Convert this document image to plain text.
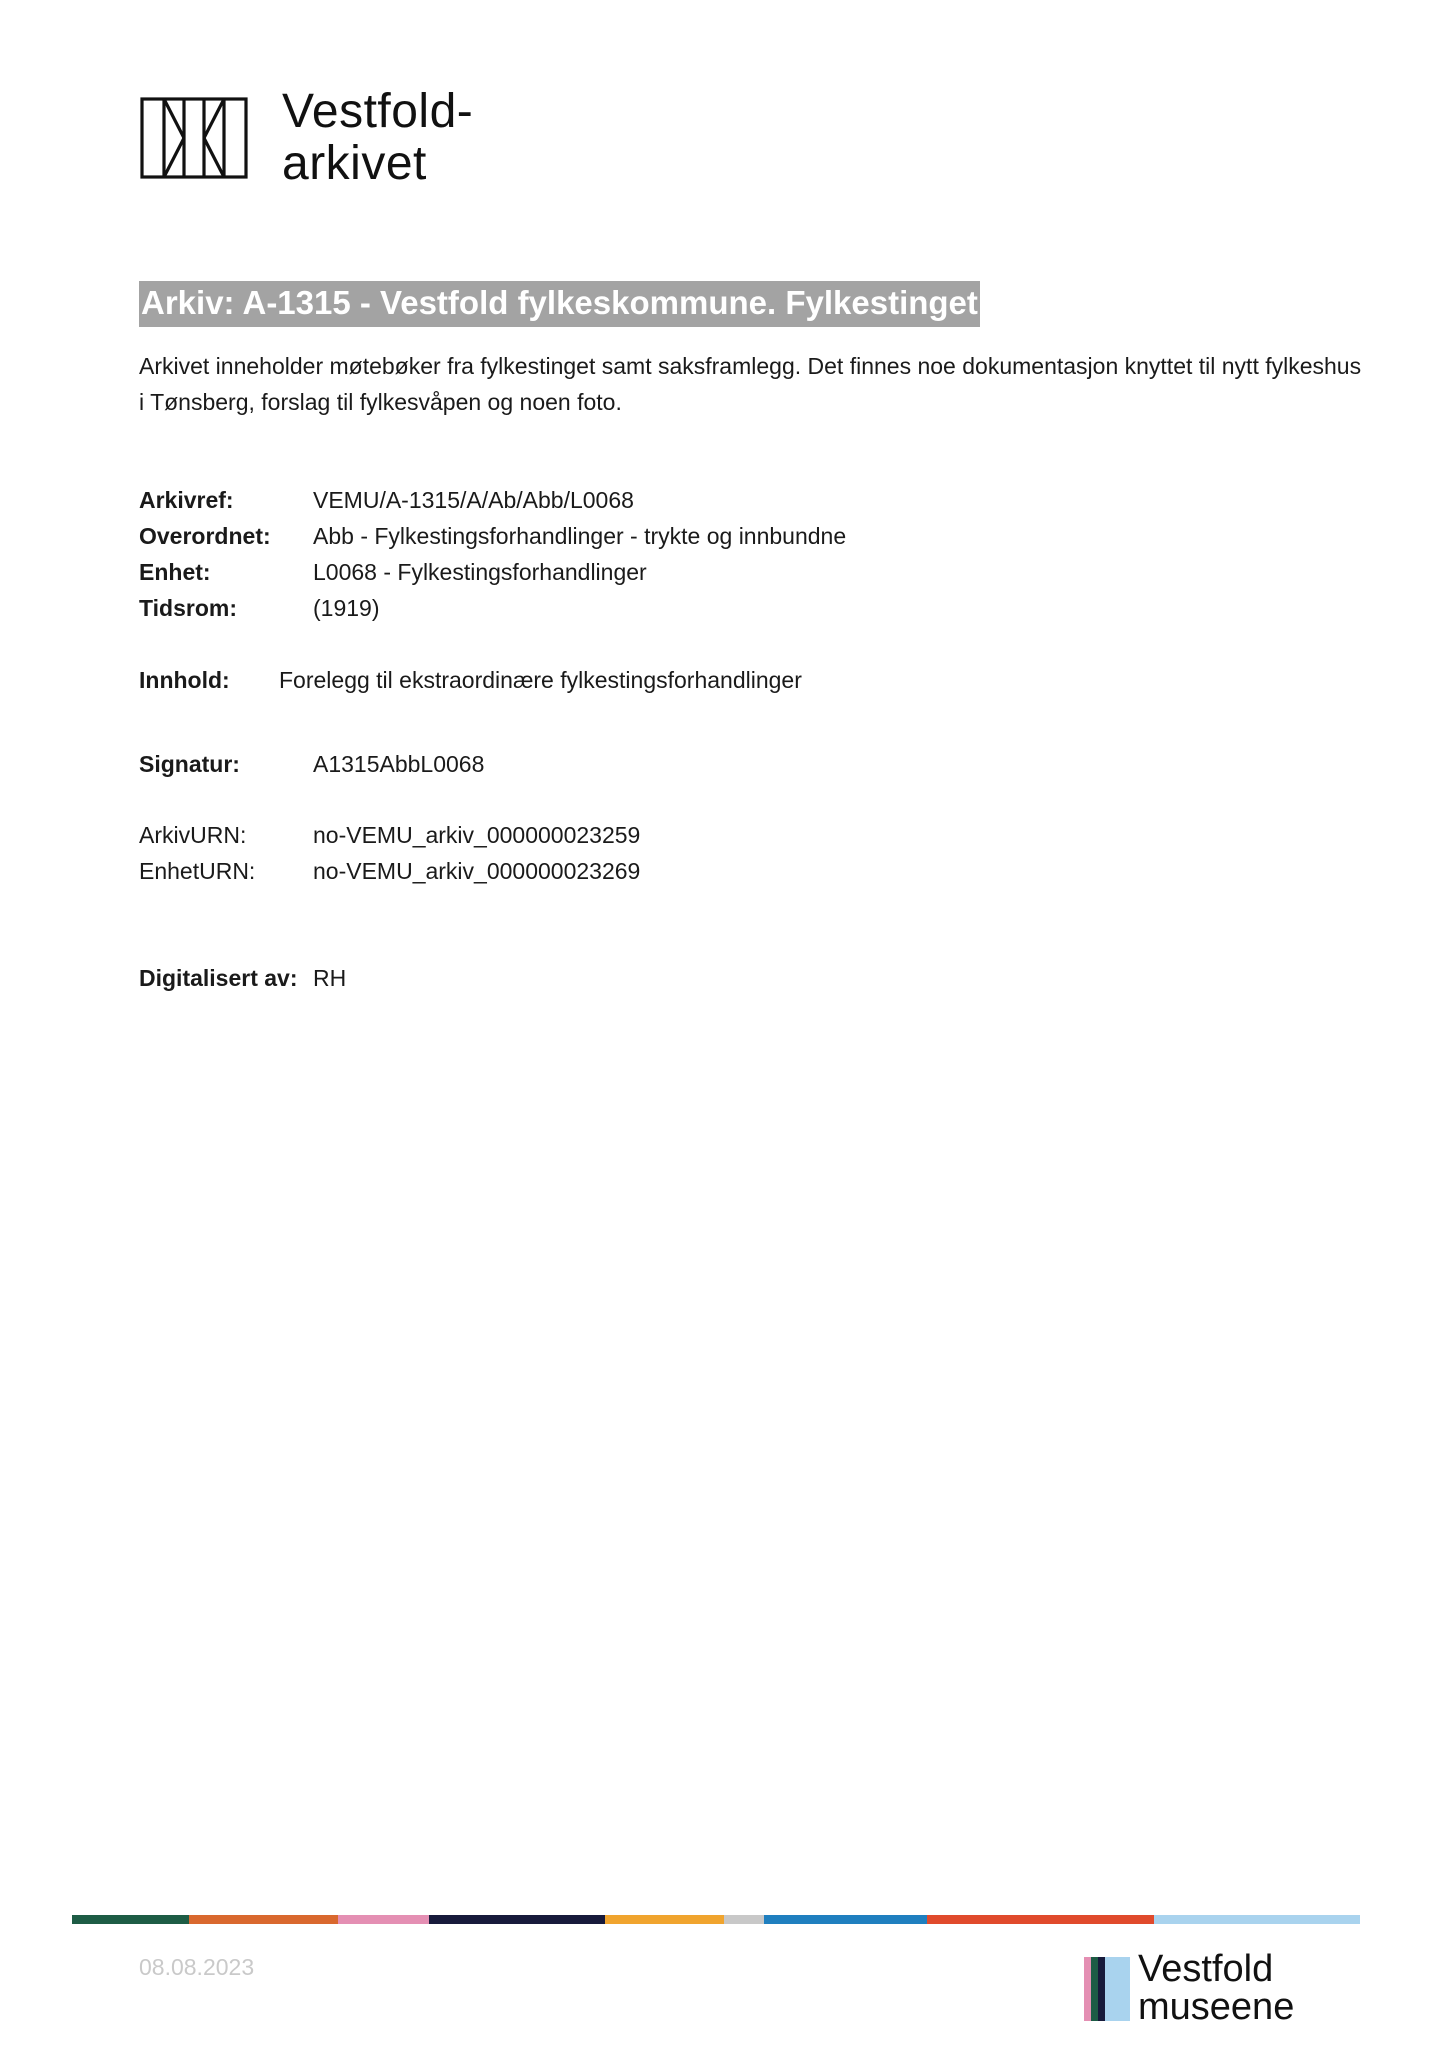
Vestfold-
arkivet
Arkiv: A-1315 - Vestfold fylkeskommune. Fylkestinget
Arkivet inneholder møtebøker fra fylkestinget samt saksframlegg. Det finnes noe dokumentasjon knyttet til nytt fylkeshus i Tønsberg, forslag til fylkesvåpen og noen foto.
Arkivref:	VEMU/A-1315/A/Ab/Abb/L0068
Overordnet: Abb - Fylkestingsforhandlinger - trykte og innbundne
Enhet:	L0068 - Fylkestingsforhandlinger
Tidsrom:	(1919)
Innhold: Forelegg til ekstraordinære fylkestingsforhandlinger
Signatur:	A1315AbbL0068
ArkivURN:	no-VEMU_arkiv_000000023259
EnhetURN:	no-VEMU_arkiv_000000023269
Digitalisert av: RH
08.08.2023	Vestfold
museene
